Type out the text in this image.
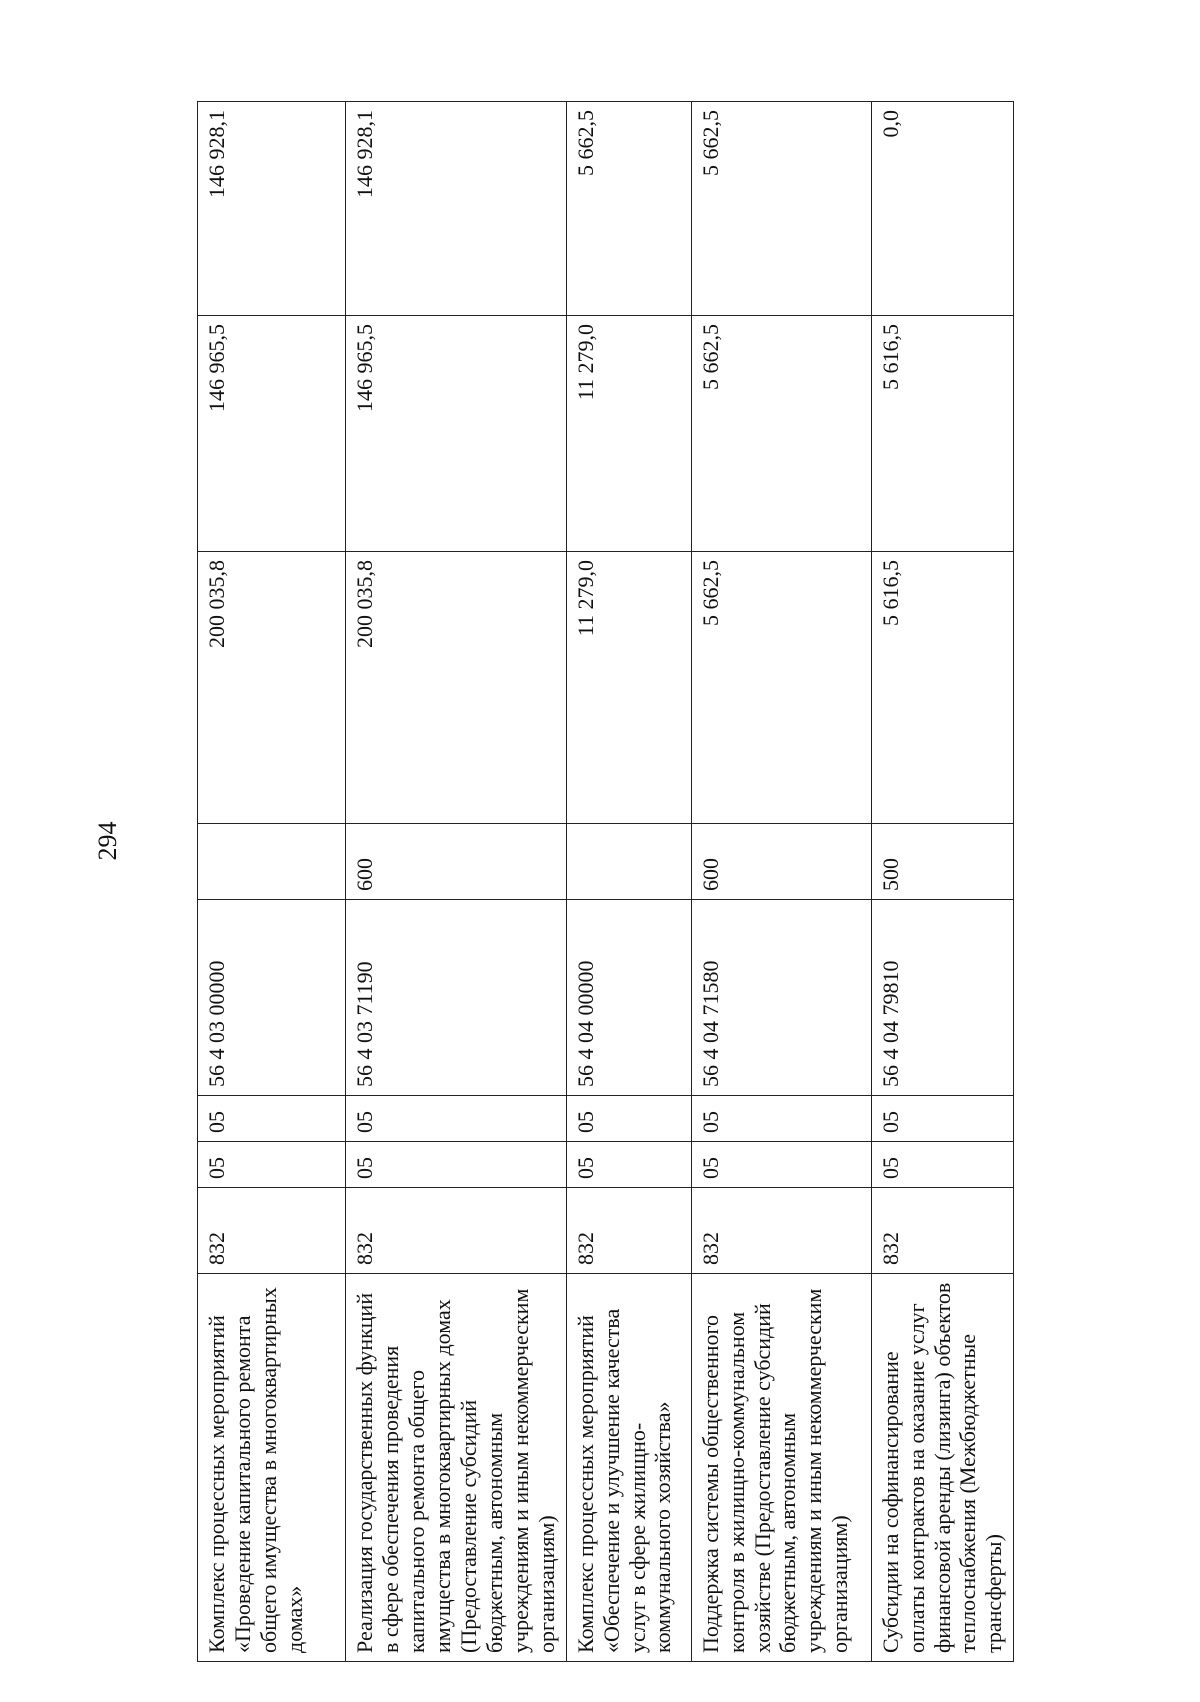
294
Комплекс процессных мероприятий «Проведение капитального ремонта общего имущества в многоквартирных домах»	832	05	05	56 4 03 00000		200 035,8	146 965,5	146 928,1
Реализация государственных функций в сфере обеспечения проведения капитального ремонта общего имущества в многоквартирных домах (Предоставление субсидий бюджетным, автономным учреждениям и иным некоммерческим организациям)	832	05	05	56 4 03 71190	600	200 035,8	146 965,5	146 928,1
Комплекс процессных мероприятий «Обеспечение и улучшение качества услуг в сфере жилищно-коммунального хозяйства»	832	05	05	56 4 04 00000		11 279,0	11 279,0	5 662,5
Поддержка системы общественного контроля в жилищно-коммунальном хозяйстве (Предоставление субсидий бюджетным, автономным учреждениям и иным некоммерческим организациям)	832	05	05	56 4 04 71580	600	5 662,5	5 662,5	5 662,5
Субсидии на софинансирование оплаты контрактов на оказание услуг финансовой аренды (лизинга) объектов теплоснабжения (Межбюджетные трансферты)	832	05	05	56 4 04 79810	500	5 616,5	5 616,5	0,0
